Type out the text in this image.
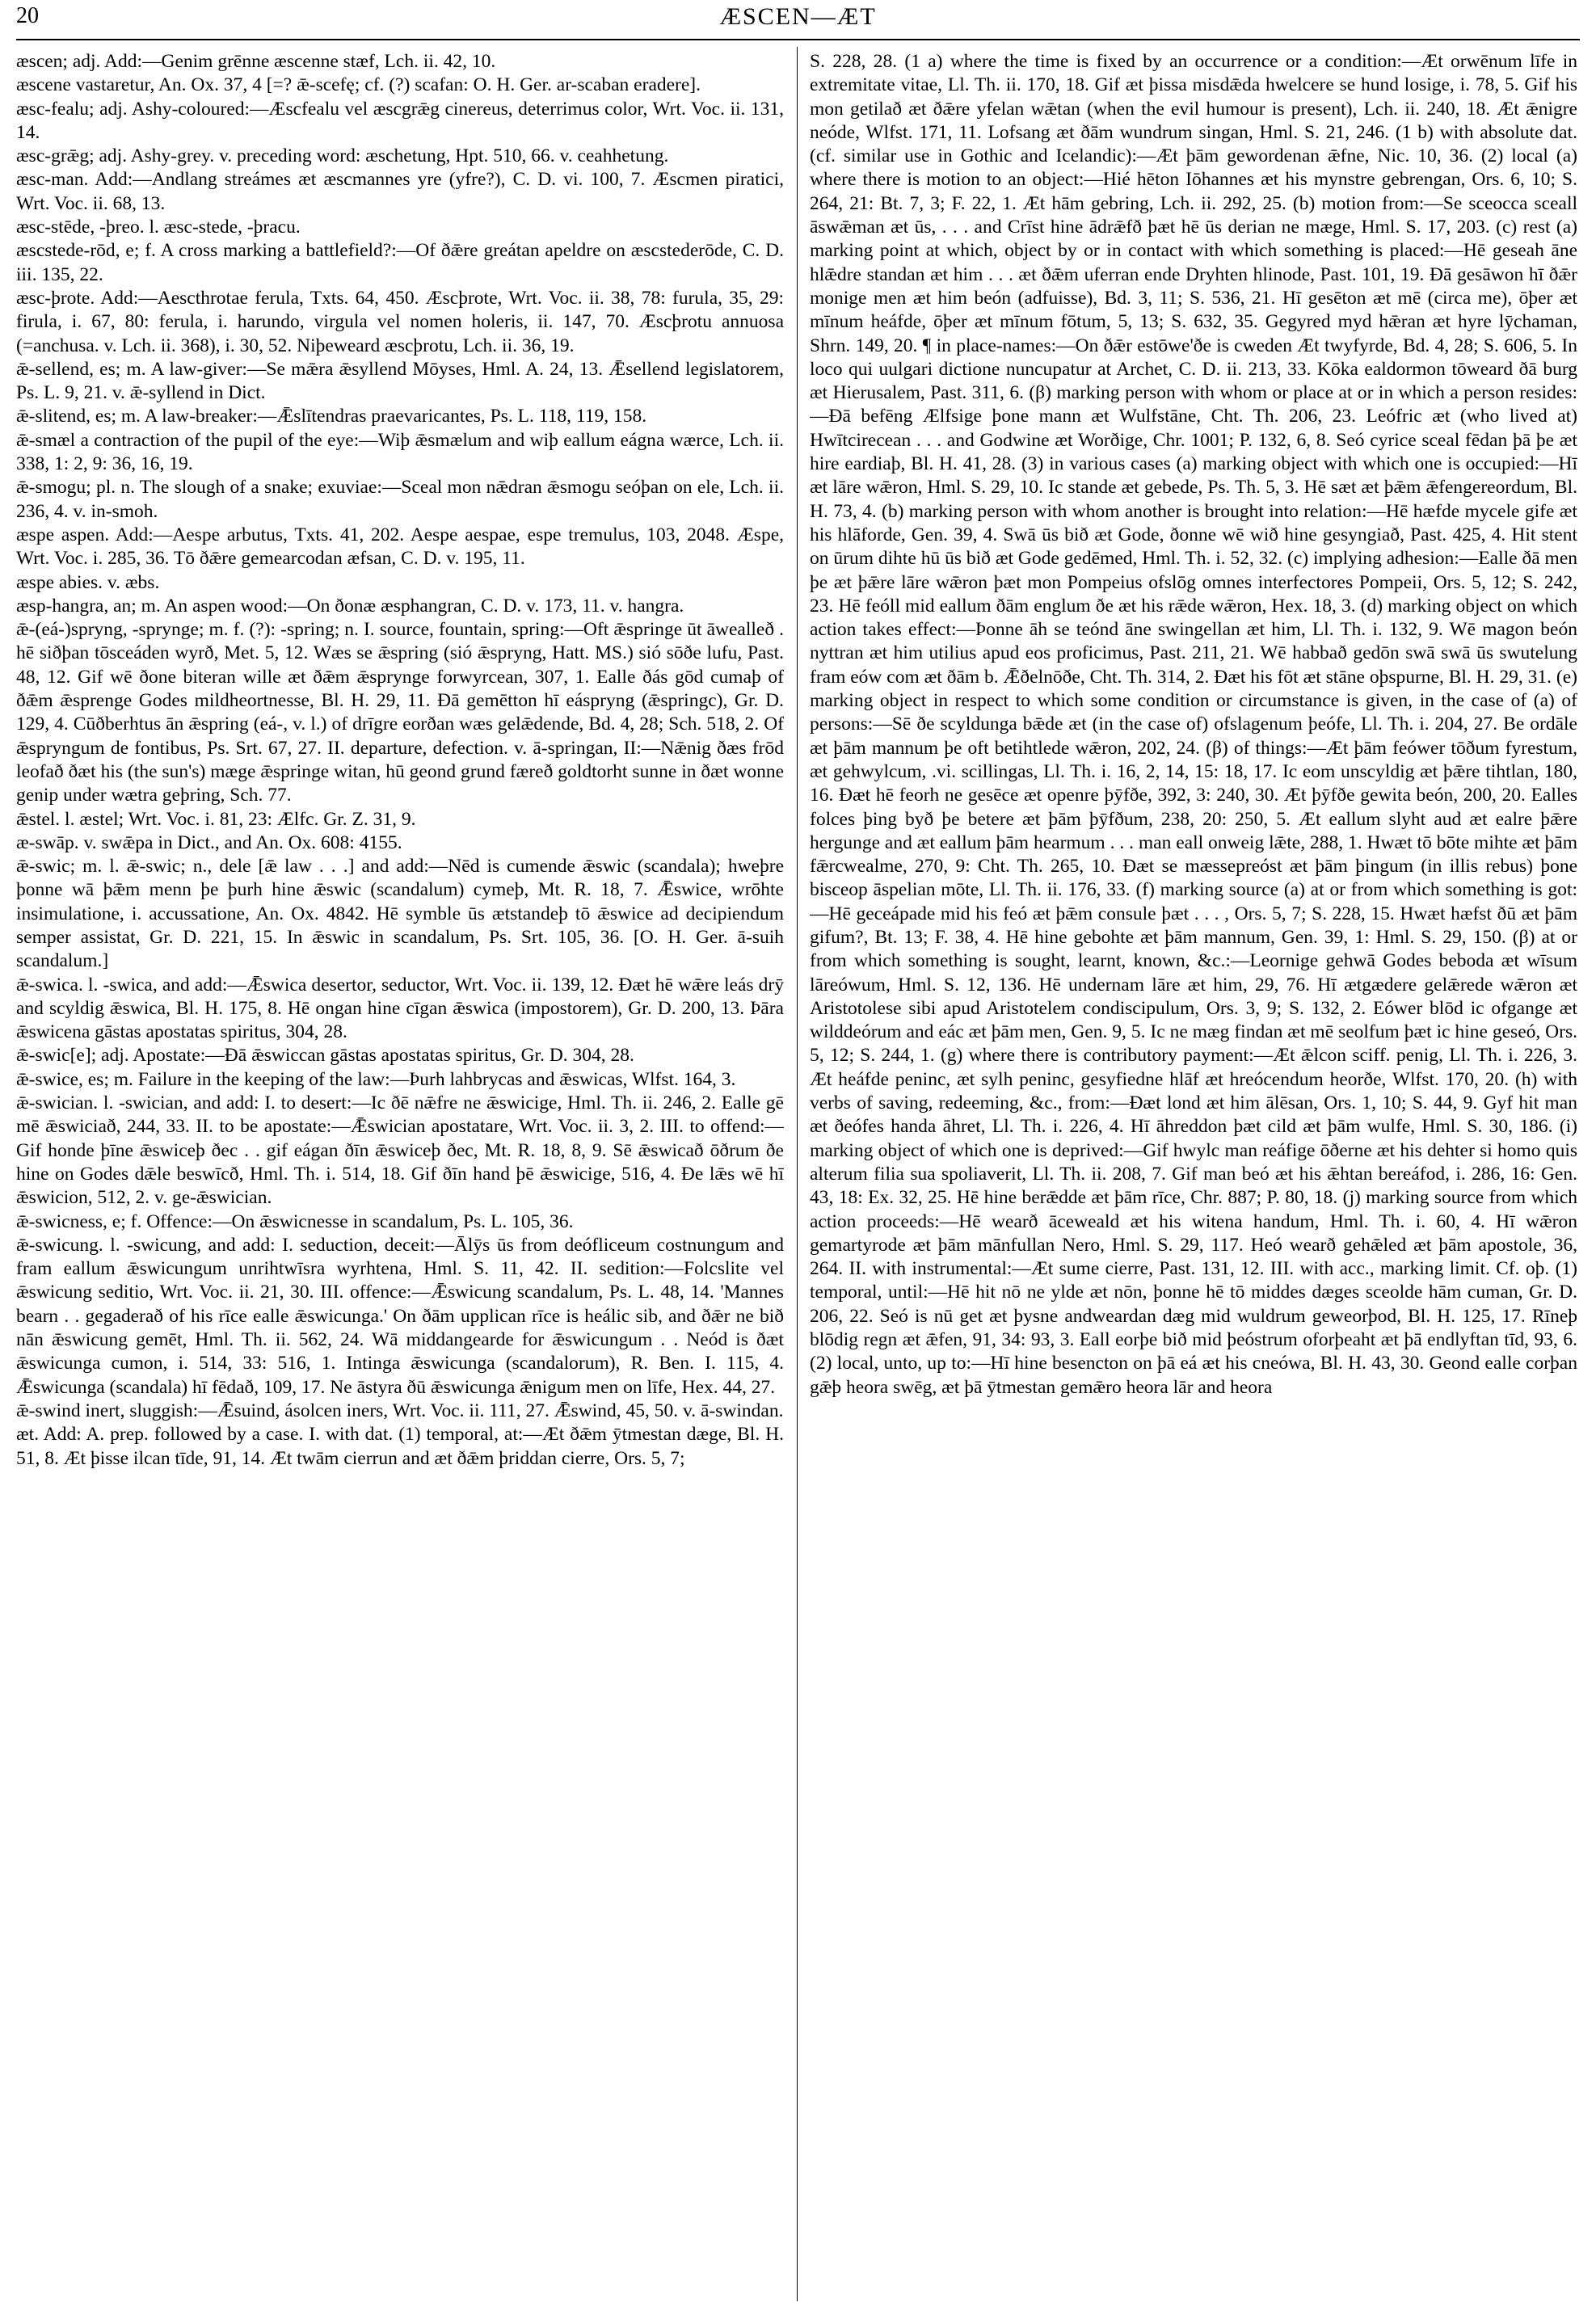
20	ÆSCEN—ÆT

æscen; adj. Add:—Genim grēnne æscenne stæf, Lch. ii. 42, 10.

æscene vastaretur, An. Ox. 37, 4 [=? ǣ-scefę; cf. (?) scafan: O. H. Ger. ar-scaban eradere].

æsc-fealu; adj. Ashy-coloured:—Æscfealu vel æscgrǣg cinereus, deterrimus color, Wrt. Voc. ii. 131, 14.

æsc-grǣg; adj. Ashy-grey. v. preceding word: æschetung, Hpt. 510, 66. v. ceahhetung.

æsc-man. Add:—Andlang streámes æt æscmannes yre (yfre?), C. D. vi. 100, 7. Æscmen piratici, Wrt. Voc. ii. 68, 13.

æsc-stēde, -þreo. l. æsc-stede, -þracu.

æscstede-rōd, e; f. A cross marking a battlefield?:—Of ðǣre greátan apeldre on æscstederōde, C. D. iii. 135, 22.

æsc-þrote. Add:—Aescthrotae ferula, Txts. 64, 450. Æscþrote, Wrt. Voc. ii. 38, 78: furula, 35, 29: firula, i. 67, 80: ferula, i. harundo, virgula vel nomen holeris, ii. 147, 70. Æscþrotu annuosa (=anchusa. v. Lch. ii. 368), i. 30, 52. Niþeweard æscþrotu, Lch. ii. 36, 19.

ǣ-sellend, es; m. A law-giver:—Se mǣra ǣsyllend Mōyses, Hml. A. 24, 13. Ǣsellend legislatorem, Ps. L. 9, 21. v. ǣ-syllend in Dict.

ǣ-slitend, es; m. A law-breaker:—Ǣslītendras praevaricantes, Ps. L. 118, 119, 158.

ǣ-smæl a contraction of the pupil of the eye:—Wiþ ǣsmælum and wiþ eallum eágna wærce, Lch. ii. 338, 1: 2, 9: 36, 16, 19.

ǣ-smogu; pl. n. The slough of a snake; exuviae:—Sceal mon nǣdran ǣsmogu seóþan on ele, Lch. ii. 236, 4. v. in-smoh.

æspe aspen. Add:—Aespe arbutus, Txts. 41, 202. Aespe aespae, espe tremulus, 103, 2048. Æspe, Wrt. Voc. i. 285, 36. Tō ðǣre gemearcodan æfsan, C. D. v. 195, 11.

æspe abies. v. æbs.

æsp-hangra, an; m. An aspen wood:—On ðonæ æsphangran, C. D. v. 173, 11. v. hangra.

ǣ-(eá-)spryng, -sprynge; m. f. (?): -spring; n. I. source, fountain, spring:—Oft ǣspringe ūt āwealleð . hē siðþan tōsceáden wyrð, Met. 5, 12. Wæs se ǣspring (sió ǣspryng, Hatt. MS.) sió sōðe lufu, Past. 48, 12. Gif wē ðone biteran wille æt ðǣm ǣsprynge forwyrcean, 307, 1. Ealle ðás gōd cumaþ of ðǣm ǣsprenge Godes mildheortnesse, Bl. H. 29, 11. Ðā gemētton hī eáspryng (ǣspringc), Gr. D. 129, 4. Cūðberhtus ān ǣspring (eá-, v. l.) of drīgre eorðan wæs gelǣdende, Bd. 4, 28; Sch. 518, 2. Of ǣspryngum de fontibus, Ps. Srt. 67, 27. II. departure, defection. v. ā-springan, II:—Nǣnig ðæs frōd leofað ðæt his (the sun's) mæge ǣspringe witan, hū geond grund færeð goldtorht sunne in ðæt wonne genip under wætra geþring, Sch. 77.

ǣstel. l. æstel; Wrt. Voc. i. 81, 23: Ælfc. Gr. Z. 31, 9.

æ-swāp. v. swǣpa in Dict., and An. Ox. 608: 4155.

ǣ-swic; m. l. ǣ-swic; n., dele [ǣ law . . .] and add:—Nēd is cumende ǣswic (scandala); hweþre þonne wā þǣm menn þe þurh hine ǣswic (scandalum) cymeþ, Mt. R. 18, 7. Ǣswice, wrōhte insimulatione, i. accussatione, An. Ox. 4842. Hē symble ūs ætstandeþ tō ǣswice ad decipiendum semper assistat, Gr. D. 221, 15. In ǣswic in scandalum, Ps. Srt. 105, 36. [O. H. Ger. ā-suih scandalum.]

ǣ-swica. l. -swica, and add:—Ǣswica desertor, seductor, Wrt. Voc. ii. 139, 12. Ðæt hē wǣre leás drȳ and scyldig ǣswica, Bl. H. 175, 8. Hē ongan hine cīgan ǣswica (impostorem), Gr. D. 200, 13. Þāra ǣswicena gāstas apostatas spiritus, 304, 28.

ǣ-swic[e]; adj. Apostate:—Ðā ǣswiccan gāstas apostatas spiritus, Gr. D. 304, 28.

ǣ-swice, es; m. Failure in the keeping of the law:—Þurh lahbrycas and ǣswicas, Wlfst. 164, 3.

ǣ-swician. l. -swician, and add: I. to desert:—Ic ðē nǣfre ne ǣswicige, Hml. Th. ii. 246, 2. Ealle gē mē ǣswiciað, 244, 33. II. to be apostate:—Ǣswician apostatare, Wrt. Voc. ii. 3, 2. III. to offend:—Gif honde þīne ǣswiceþ ðec . . gif eágan ðīn ǣswiceþ ðec, Mt. R. 18, 8, 9. Sē ǣswicað ōðrum ðe hine on Godes dǣle beswīcð, Hml. Th. i. 514, 18. Gif ðīn hand þē ǣswicige, 516, 4. Ðe lǣs wē hī ǣswicion, 512, 2. v. ge-ǣswician.

ǣ-swicness, e; f. Offence:—On ǣswicnesse in scandalum, Ps. L. 105, 36.

ǣ-swicung. l. -swicung, and add: I. seduction, deceit:—Ālȳs ūs from deófliceum costnungum and fram eallum ǣswicungum unrihtwīsra wyrhtena, Hml. S. 11, 42. II. sedition:—Folcslite vel ǣswicung seditio, Wrt. Voc. ii. 21, 30. III. offence:—Ǣswicung scandalum, Ps. L. 48, 14. 'Mannes bearn . . gegaderað of his rīce ealle ǣswicunga.' On ðām upplican rīce is heálic sib, and ðǣr ne bið nān ǣswicung gemēt, Hml. Th. ii. 562, 24. Wā middangearde for ǣswicungum . . Neód is ðæt ǣswicunga cumon, i. 514, 33: 516, 1. Intinga ǣswicunga (scandalorum), R. Ben. I. 115, 4. Ǣswicunga (scandala) hī fēdað, 109, 17. Ne āstyra ðū ǣswicunga ǣnigum men on līfe, Hex. 44, 27.

ǣ-swind inert, sluggish:—Ǣsuind, ásolcen iners, Wrt. Voc. ii. 111, 27. Ǣswind, 45, 50. v. ā-swindan.

æt. Add: A. prep. followed by a case. I. with dat. (1) temporal, at:—Æt ðǣm ȳtmestan dæge, Bl. H. 51, 8. Æt þisse ilcan tīde, 91, 14. Æt twām cierrun and æt ðǣm þriddan cierre, Ors. 5, 7;

S. 228, 28. (1 a) where the time is fixed by an occurrence or a condition:—Æt orwēnum līfe in extremitate vitae, Ll. Th. ii. 170, 18. Gif æt þissa misdǣda hwelcere se hund losige, i. 78, 5. Gif his mon getilað æt ðǣre yfelan wǣtan (when the evil humour is present), Lch. ii. 240, 18. Æt ǣnigre neóde, Wlfst. 171, 11. Lofsang æt ðām wundrum singan, Hml. S. 21, 246. (1 b) with absolute dat. (cf. similar use in Gothic and Icelandic):—Æt þām gewordenan ǣfne, Nic. 10, 36. (2) local (a) where there is motion to an object:—Hié hēton Iōhannes æt his mynstre gebrengan, Ors. 6, 10; S. 264, 21: Bt. 7, 3; F. 22, 1. Æt hām gebring, Lch. ii. 292, 25. (b) motion from:—Se sceocca sceall āswǣman æt ūs, . . . and Crīst hine ādrǣfð þæt hē ūs derian ne mæge, Hml. S. 17, 203. (c) rest (a) marking point at which, object by or in contact with which something is placed:—Hē geseah āne hlǣdre standan æt him . . . æt ðǣm uferran ende Dryhten hlinode, Past. 101, 19. Ðā gesāwon hī ðǣr monige men æt him beón (adfuisse), Bd. 3, 11; S. 536, 21. Hī gesēton æt mē (circa me), ōþer æt mīnum heáfde, ōþer æt mīnum fōtum, 5, 13; S. 632, 35. Gegyred myd hǣran æt hyre lȳchaman, Shrn. 149, 20. ¶ in place-names:—On ðǣr estōwe'ðe is cweden Æt twyfyrde, Bd. 4, 28; S. 606, 5. In loco qui uulgari dictione nuncupatur at Archet, C. D. ii. 213, 33. Kōka ealdormon tōweard ðā burg æt Hierusalem, Past. 311, 6. (β) marking person with whom or place at or in which a person resides:—Ðā befēng Ælfsige þone mann æt Wulfstāne, Cht. Th. 206, 23. Leófric æt (who lived at) Hwītcirecean . . . and Godwine æt Worðige, Chr. 1001; P. 132, 6, 8. Seó cyrice sceal fēdan þā þe æt hire eardiaþ, Bl. H. 41, 28. (3) in various cases (a) marking object with which one is occupied:—Hī æt lāre wǣron, Hml. S. 29, 10. Ic stande æt gebede, Ps. Th. 5, 3. Hē sæt æt þǣm ǣfengereordum, Bl. H. 73, 4. (b) marking person with whom another is brought into relation:—Hē hæfde mycele gife æt his hlāforde, Gen. 39, 4. Swā ūs bið æt Gode, ðonne wē wið hine gesyngiað, Past. 425, 4. Hit stent on ūrum dihte hū ūs bið æt Gode gedēmed, Hml. Th. i. 52, 32. (c) implying adhesion:—Ealle ðā men þe æt þǣre lāre wǣron þæt mon Pompeius ofslōg omnes interfectores Pompeii, Ors. 5, 12; S. 242, 23. Hē feóll mid eallum ðām englum ðe æt his rǣde wǣron, Hex. 18, 3. (d) marking object on which action takes effect:—Þonne āh se teónd āne swingellan æt him, Ll. Th. i. 132, 9. Wē magon beón nyttran æt him utilius apud eos proficimus, Past. 211, 21. Wē habbað gedōn swā swā ūs swutelung fram eów com æt ðām b. Ǣðelnōðe, Cht. Th. 314, 2. Ðæt his fōt æt stāne oþspurne, Bl. H. 29, 31. (e) marking object in respect to which some condition or circumstance is given, in the case of (a) of persons:—Sē ðe scyldunga bǣde æt (in the case of) ofslagenum þeófe, Ll. Th. i. 204, 27. Be ordāle æt þām mannum þe oft betihtlede wǣron, 202, 24. (β) of things:—Æt þām feówer tōðum fyrestum, æt gehwylcum, .vi. scillingas, Ll. Th. i. 16, 2, 14, 15: 18, 17. Ic eom unscyldig æt þǣre tihtlan, 180, 16. Ðæt hē feorh ne gesēce æt openre þȳfðe, 392, 3: 240, 30. Æt þȳfðe gewita beón, 200, 20. Ealles folces þing byð þe betere æt þām þȳfðum, 238, 20: 250, 5. Æt eallum slyht aud æt ealre þǣre hergunge and æt eallum þām hearmum . . . man eall onweig lǣte, 288, 1. Hwæt tō bōte mihte æt þām fǣrcwealme, 270, 9: Cht. Th. 265, 10. Ðæt se mæssepreóst æt þām þingum (in illis rebus) þone bisceop āspelian mōte, Ll. Th. ii. 176, 33. (f) marking source (a) at or from which something is got:—Hē geceápade mid his feó æt þǣm consule þæt . . . , Ors. 5, 7; S. 228, 15. Hwæt hæfst ðū æt þām gifum?, Bt. 13; F. 38, 4. Hē hine gebohte æt þām mannum, Gen. 39, 1: Hml. S. 29, 150. (β) at or from which something is sought, learnt, known, &c.:—Leornige gehwā Godes beboda æt wīsum lāreówum, Hml. S. 12, 136. Hē undernam lāre æt him, 29, 76. Hī ætgædere gelǣrede wǣron æt Aristotolese sibi apud Aristotelem condiscipulum, Ors. 3, 9; S. 132, 2. Eówer blōd ic ofgange æt wilddeórum and eác æt þām men, Gen. 9, 5. Ic ne mæg findan æt mē seolfum þæt ic hine geseó, Ors. 5, 12; S. 244, 1. (g) where there is contributory payment:—Æt ǣlcon sciff. penig, Ll. Th. i. 226, 3. Æt heáfde peninc, æt sylh peninc, gesyfiedne hlāf æt hreócendum heorðe, Wlfst. 170, 20. (h) with verbs of saving, redeeming, &c., from:—Ðæt lond æt him ālēsan, Ors. 1, 10; S. 44, 9. Gyf hit man æt ðeófes handa āhret, Ll. Th. i. 226, 4. Hī āhreddon þæt cild æt þām wulfe, Hml. S. 30, 186. (i) marking object of which one is deprived:—Gif hwylc man reáfige ōðerne æt his dehter si homo quis alterum filia sua spoliaverit, Ll. Th. ii. 208, 7. Gif man beó æt his ǣhtan bereáfod, i. 286, 16: Gen. 43, 18: Ex. 32, 25. Hē hine berǣdde æt þām rīce, Chr. 887; P. 80, 18. (j) marking source from which action proceeds:—Hē wearð āceweald æt his witena handum, Hml. Th. i. 60, 4. Hī wǣron gemartyrode æt þām mānfullan Nero, Hml. S. 29, 117. Heó wearð gehǣled æt þām apostole, 36, 264. II. with instrumental:—Æt sume cierre, Past. 131, 12. III. with acc., marking limit. Cf. oþ. (1) temporal, until:—Hē hit nō ne ylde æt nōn, þonne hē tō middes dæges sceolde hām cuman, Gr. D. 206, 22. Seó is nū get æt þysne andweardan dæg mid wuldrum geweorþod, Bl. H. 125, 17. Rīneþ blōdig regn æt ǣfen, 91, 34: 93, 3. Eall eorþe bið mid þeóstrum oforþeaht æt þā endlyftan tīd, 93, 6. (2) local, unto, up to:—Hī hine besencton on þā eá æt his cneówa, Bl. H. 43, 30. Geond ealle corþan gǣþ heora swēg, æt þā ȳtmestan gemǣro heora lār and heora
